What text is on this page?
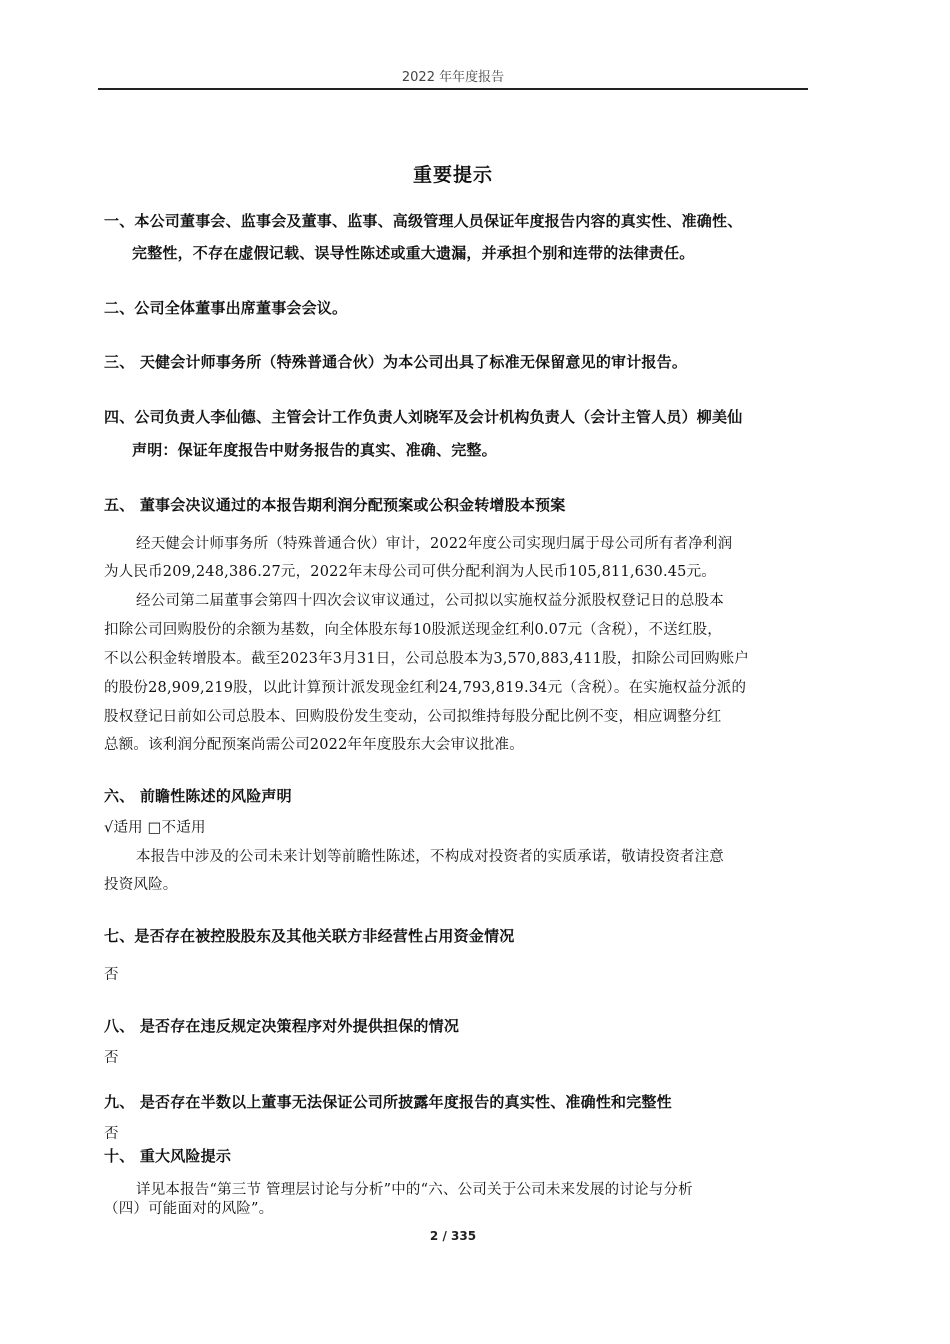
2022 年年度报告
重要提示
一、本公司董事会、监事会及董事、监事、高级管理人员保证年度报告内容的真实性、准确性、
完整性，不存在虚假记载、误导性陈述或重大遗漏，并承担个别和连带的法律责任。
二、公司全体董事出席董事会会议。
三、 天健会计师事务所（特殊普通合伙）为本公司出具了标准无保留意见的审计报告。
四、公司负责人李仙德、主管会计工作负责人刘晓军及会计机构负责人（会计主管人员）柳美仙
声明：保证年度报告中财务报告的真实、准确、完整。
五、 董事会决议通过的本报告期利润分配预案或公积金转增股本预案
经天健会计师事务所（特殊普通合伙）审计，2022年度公司实现归属于母公司所有者净利润
为人民币209,248,386.27元，2022年末母公司可供分配利润为人民币105,811,630.45元。
经公司第二届董事会第四十四次会议审议通过，公司拟以实施权益分派股权登记日的总股本
扣除公司回购股份的余额为基数，向全体股东每10股派送现金红利0.07元（含税），不送红股，
不以公积金转增股本。截至2023年3月31日，公司总股本为3,570,883,411股，扣除公司回购账户
的股份28,909,219股，以此计算预计派发现金红利24,793,819.34元（含税）。在实施权益分派的
股权登记日前如公司总股本、回购股份发生变动，公司拟维持每股分配比例不变，相应调整分红
总额。该利润分配预案尚需公司2022年年度股东大会审议批准。
六、 前瞻性陈述的风险声明
√适用 □不适用
本报告中涉及的公司未来计划等前瞻性陈述，不构成对投资者的实质承诺，敬请投资者注意
投资风险。
七、是否存在被控股股东及其他关联方非经营性占用资金情况
否
八、 是否存在违反规定决策程序对外提供担保的情况
否
九、 是否存在半数以上董事无法保证公司所披露年度报告的真实性、准确性和完整性
否
十、 重大风险提示
详见本报告“第三节 管理层讨论与分析”中的“六、公司关于公司未来发展的讨论与分析
（四）可能面对的风险”。
2 / 335
